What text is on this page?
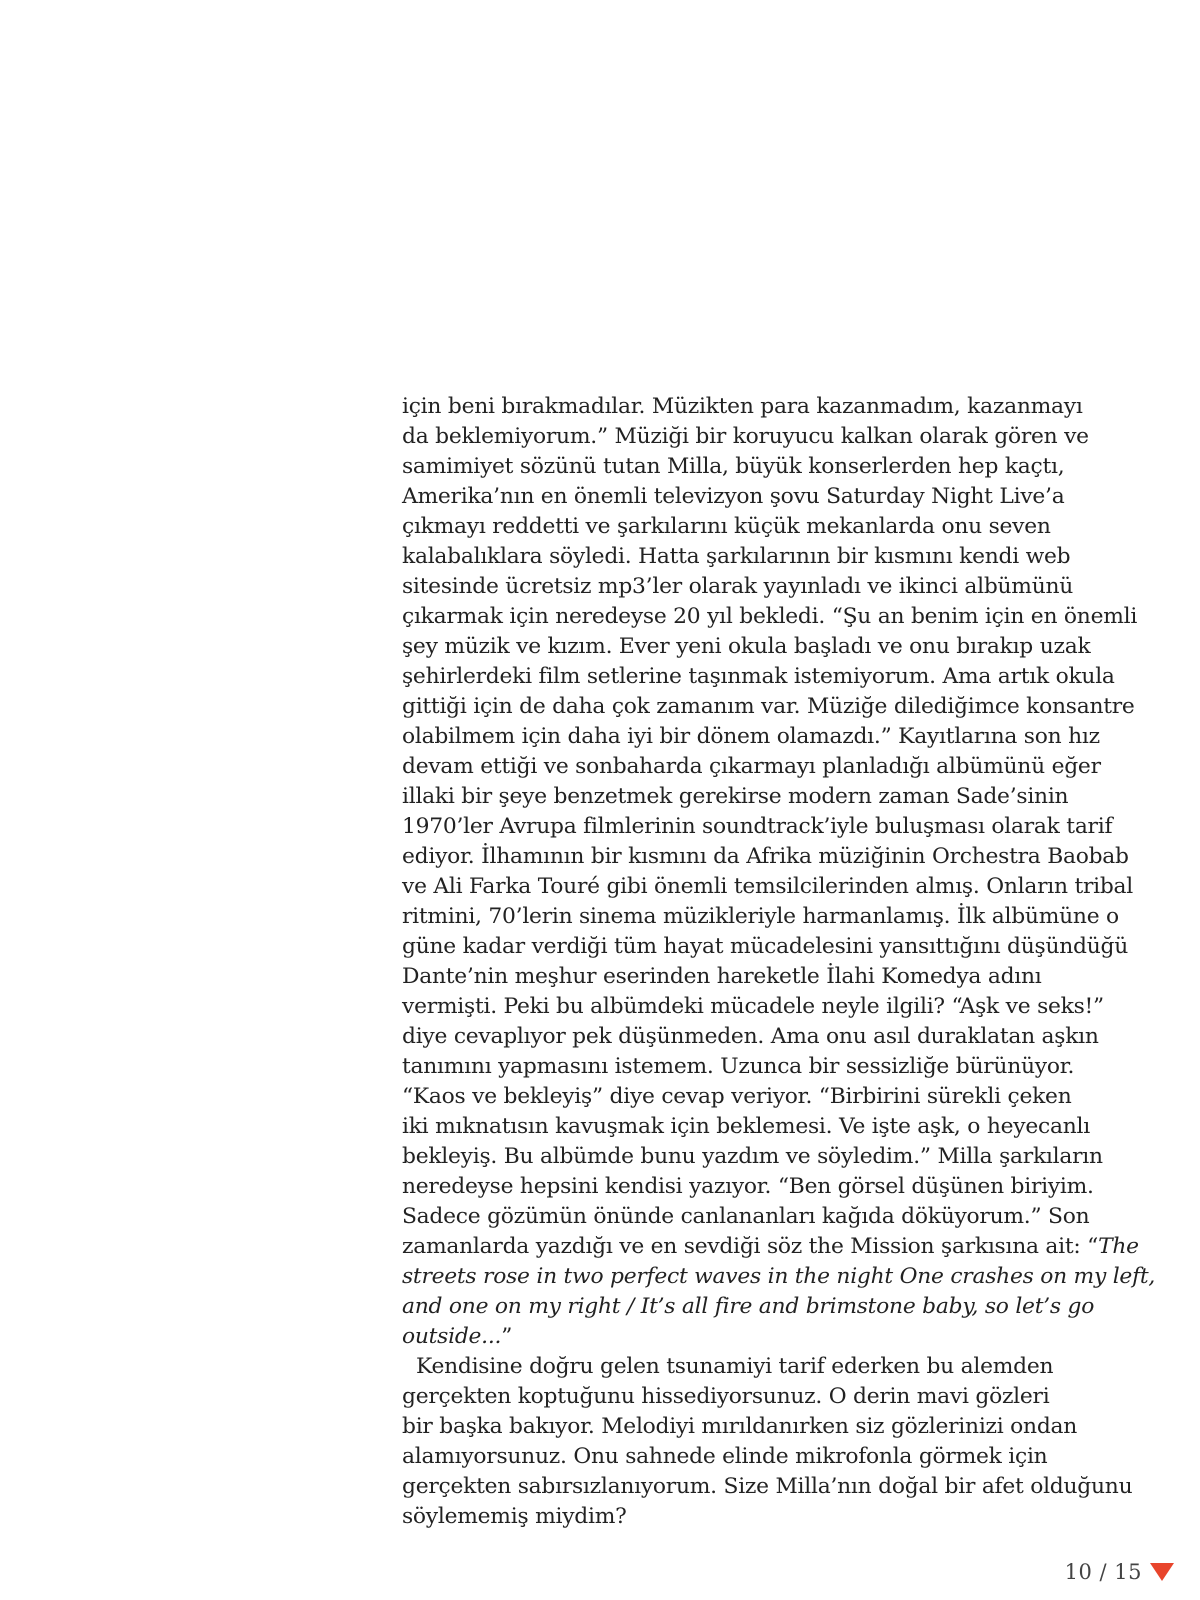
için beni bırakmadılar. Müzikten para kazanmadım, kazanmayı
da beklemiyorum.” Müziği bir koruyucu kalkan olarak gören ve
samimiyet sözünü tutan Milla, büyük konserlerden hep kaçtı,
Amerika’nın en önemli televizyon şovu Saturday Night Live’a
çıkmayı reddetti ve şarkılarını küçük mekanlarda onu seven
kalabalıklara söyledi. Hatta şarkılarının bir kısmını kendi web
sitesinde ücretsiz mp3’ler olarak yayınladı ve ikinci albümünü
çıkarmak için neredeyse 20 yıl bekledi. “Şu an benim için en önemli
şey müzik ve kızım. Ever yeni okula başladı ve onu bırakıp uzak
şehirlerdeki film setlerine taşınmak istemiyorum. Ama artık okula
gittiği için de daha çok zamanım var. Müziğe dilediğimce konsantre
olabilmem için daha iyi bir dönem olamazdı.” Kayıtlarına son hız
devam ettiği ve sonbaharda çıkarmayı planladığı albümünü eğer
illaki bir şeye benzetmek gerekirse modern zaman Sade’sinin
1970’ler Avrupa filmlerinin soundtrack’iyle buluşması olarak tarif
ediyor. İlhamının bir kısmını da Afrika müziğinin Orchestra Baobab
ve Ali Farka Touré gibi önemli temsilcilerinden almış. Onların tribal
ritmini, 70’lerin sinema müzikleriyle harmanlamış. İlk albümüne o
güne kadar verdiği tüm hayat mücadelesini yansıttığını düşündüğü
Dante’nin meşhur eserinden hareketle İlahi Komedya adını
vermişti. Peki bu albümdeki mücadele neyle ilgili? “Aşk ve seks!”
diye cevaplıyor pek düşünmeden. Ama onu asıl duraklatan aşkın
tanımını yapmasını istemem. Uzunca bir sessizliğe bürünüyor.
“Kaos ve bekleyiş” diye cevap veriyor. “Birbirini sürekli çeken
iki mıknatısın kavuşmak için beklemesi. Ve işte aşk, o heyecanlı
bekleyiş. Bu albümde bunu yazdım ve söyledim.” Milla şarkıların
neredeyse hepsini kendisi yazıyor. “Ben görsel düşünen biriyim.
Sadece gözümün önünde canlananları kağıda döküyorum.” Son
zamanlarda yazdığı ve en sevdiği söz the Mission şarkısına ait: “The
streets rose in two perfect waves in the night One crashes on my left,
and one on my right / It’s all fire and brimstone baby, so let’s go
outside...”
Kendisine doğru gelen tsunamiyi tarif ederken bu alemden
gerçekten koptuğunu hissediyorsunuz. O derin mavi gözleri
bir başka bakıyor. Melodiyi mırıldanırken siz gözlerinizi ondan
alamıyorsunuz. Onu sahnede elinde mikrofonla görmek için
gerçekten sabırsızlanıyorum. Size Milla’nın doğal bir afet olduğunu
söylememiş miydim?
10 / 15
